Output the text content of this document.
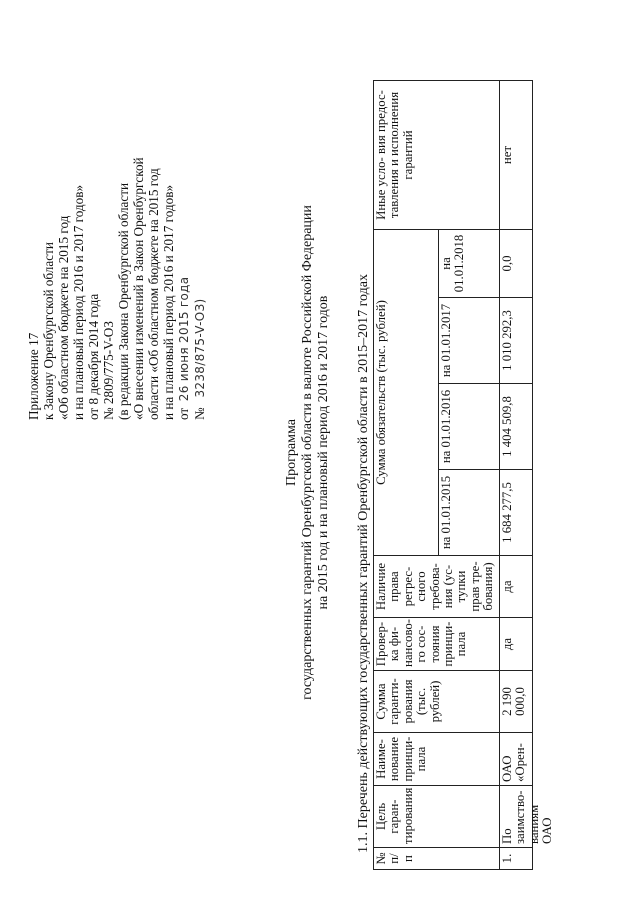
Приложение 17 к Закону Оренбургской области «Об областном бюджете на 2015 год и на плановый период 2016 и 2017 годов» от 8 декабря 2014 года № 2809/775-V-ОЗ (в редакции Закона Оренбургской области «О внесении изменений в Закон Оренбургской области «Об областном бюджете на 2015 год и на плановый период 2016 и 2017 годов» от  26 июня 2015 года
№   3238/875-V-ОЗ)
Программа государственных гарантий Оренбургской области в валюте Российской Федерации на 2015 год и на плановый период 2016 и 2017 годов 1.1. Перечень действующих государственных гарантий Оренбургской области в 2015–2017 годах
№ п/п	Цель гаран- тирования	Наиме- нование принци- пала	Сумма гаранти- рования (тыс. рублей)	Провер- ка фи- нансово- го сос- тояния принци- пала	Наличие права регрес- сного требова- ния (ус- тупки прав тре- бования)	Сумма обязательств (тыс. рублей)				Иные усло- вия предос- тавления и исполнения гарантий
						на 01.01.2015	на 01.01.2016	на 01.01.2017	на 01.01.2018	

1.	По заимство- ваниям ОАО	ОАО «Орен-	2 190 000,0	да	да	1 684 277,5	1 404 509,8	1 010 292,3	0,0	нет
